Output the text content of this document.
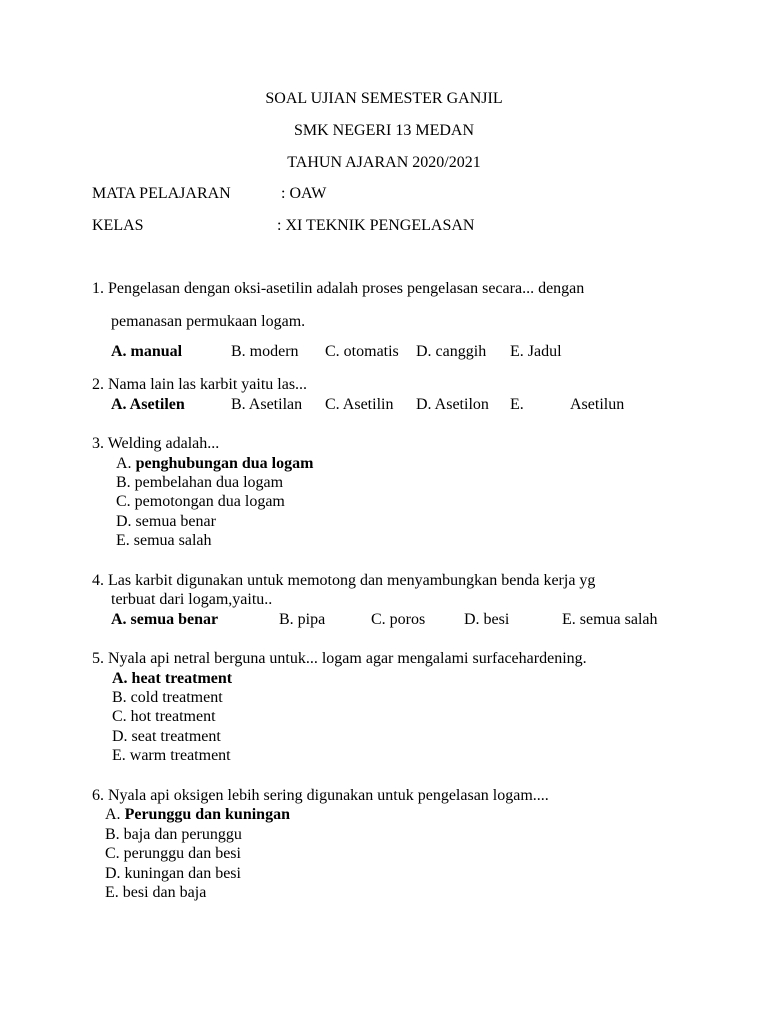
SOAL UJIAN SEMESTER GANJIL
SMK NEGERI 13 MEDAN
TAHUN AJARAN 2020/2021
MATA PELAJARAN	: OAW
KELAS	: XI TEKNIK PENGELASAN
1. Pengelasan dengan oksi-asetilin adalah proses pengelasan secara... dengan
pemanasan permukaan logam.
A. manual	B. modern C. otomatis D. canggih E. Jadul
2. Nama lain las karbit yaitu las...
A. Asetilen	B. Asetilan C. Asetilin D. Asetilon E.	Asetilun
3. Welding adalah...
A. penghubungan dua logam
B. pembelahan dua logam
C. pemotongan dua logam
D. semua benar
E. semua salah
4. Las karbit digunakan untuk memotong dan menyambungkan benda kerja yg
terbuat dari logam,yaitu..
A. semua benar	B. pipa	C. poros D. besi	E. semua salah
5. Nyala api netral berguna untuk... logam agar mengalami surfacehardening.
A. heat treatment
B. cold treatment
C. hot treatment
D. seat treatment
E. warm treatment
6. Nyala api oksigen lebih sering digunakan untuk pengelasan logam....
A. Perunggu dan kuningan
B. baja dan perunggu
C. perunggu dan besi
D. kuningan dan besi
E. besi dan baja
